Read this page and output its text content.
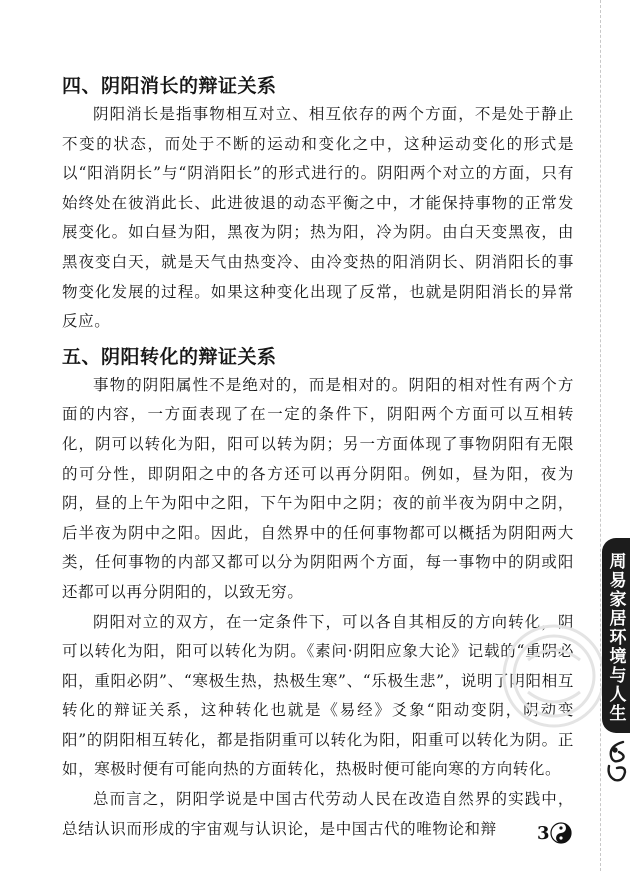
四、阴阳消长的辩证关系

阴阳消长是指事物相互对立、相互依存的两个方面，不是处于静止不变的状态，而处于不断的运动和变化之中，这种运动变化的形式是以“阳消阴长”与“阴消阳长”的形式进行的。阴阳两个对立的方面，只有始终处在彼消此长、此进彼退的动态平衡之中，才能保持事物的正常发展变化。如白昼为阳，黑夜为阴；热为阳，冷为阴。由白天变黑夜，由黑夜变白天，就是天气由热变冷、由冷变热的阳消阴长、阴消阳长的事物变化发展的过程。如果这种变化出现了反常，也就是阴阳消长的异常反应。

五、阴阳转化的辩证关系

事物的阴阳属性不是绝对的，而是相对的。阴阳的相对性有两个方面的内容，一方面表现了在一定的条件下，阴阳两个方面可以互相转化，阴可以转化为阳，阳可以转为阴；另一方面体现了事物阴阳有无限的可分性，即阴阳之中的各方还可以再分阴阳。例如，昼为阳，夜为阴，昼的上午为阳中之阳，下午为阳中之阴；夜的前半夜为阴中之阴，后半夜为阴中之阳。因此，自然界中的任何事物都可以概括为阴阳两大类，任何事物的内部又都可以分为阴阳两个方面，每一事物中的阴或阳还都可以再分阴阳的，以致无穷。

阴阳对立的双方，在一定条件下，可以各自其相反的方向转化，阴可以转化为阳，阳可以转化为阴。《素问·阴阳应象大论》记载的“重阴必阳，重阳必阴”、“寒极生热，热极生寒”、“乐极生悲”，说明了阴阳相互转化的辩证关系，这种转化也就是《易经》爻象“阳动变阴，阴动变阳”的阴阳相互转化，都是指阴重可以转化为阳，阳重可以转化为阴。正如，寒极时便有可能向热的方面转化，热极时便可能向寒的方向转化。

总而言之，阴阳学说是中国古代劳动人民在改造自然界的实践中，总结认识而形成的宇宙观与认识论，是中国古代的唯物论和辩

周易家居环境与人生
3
